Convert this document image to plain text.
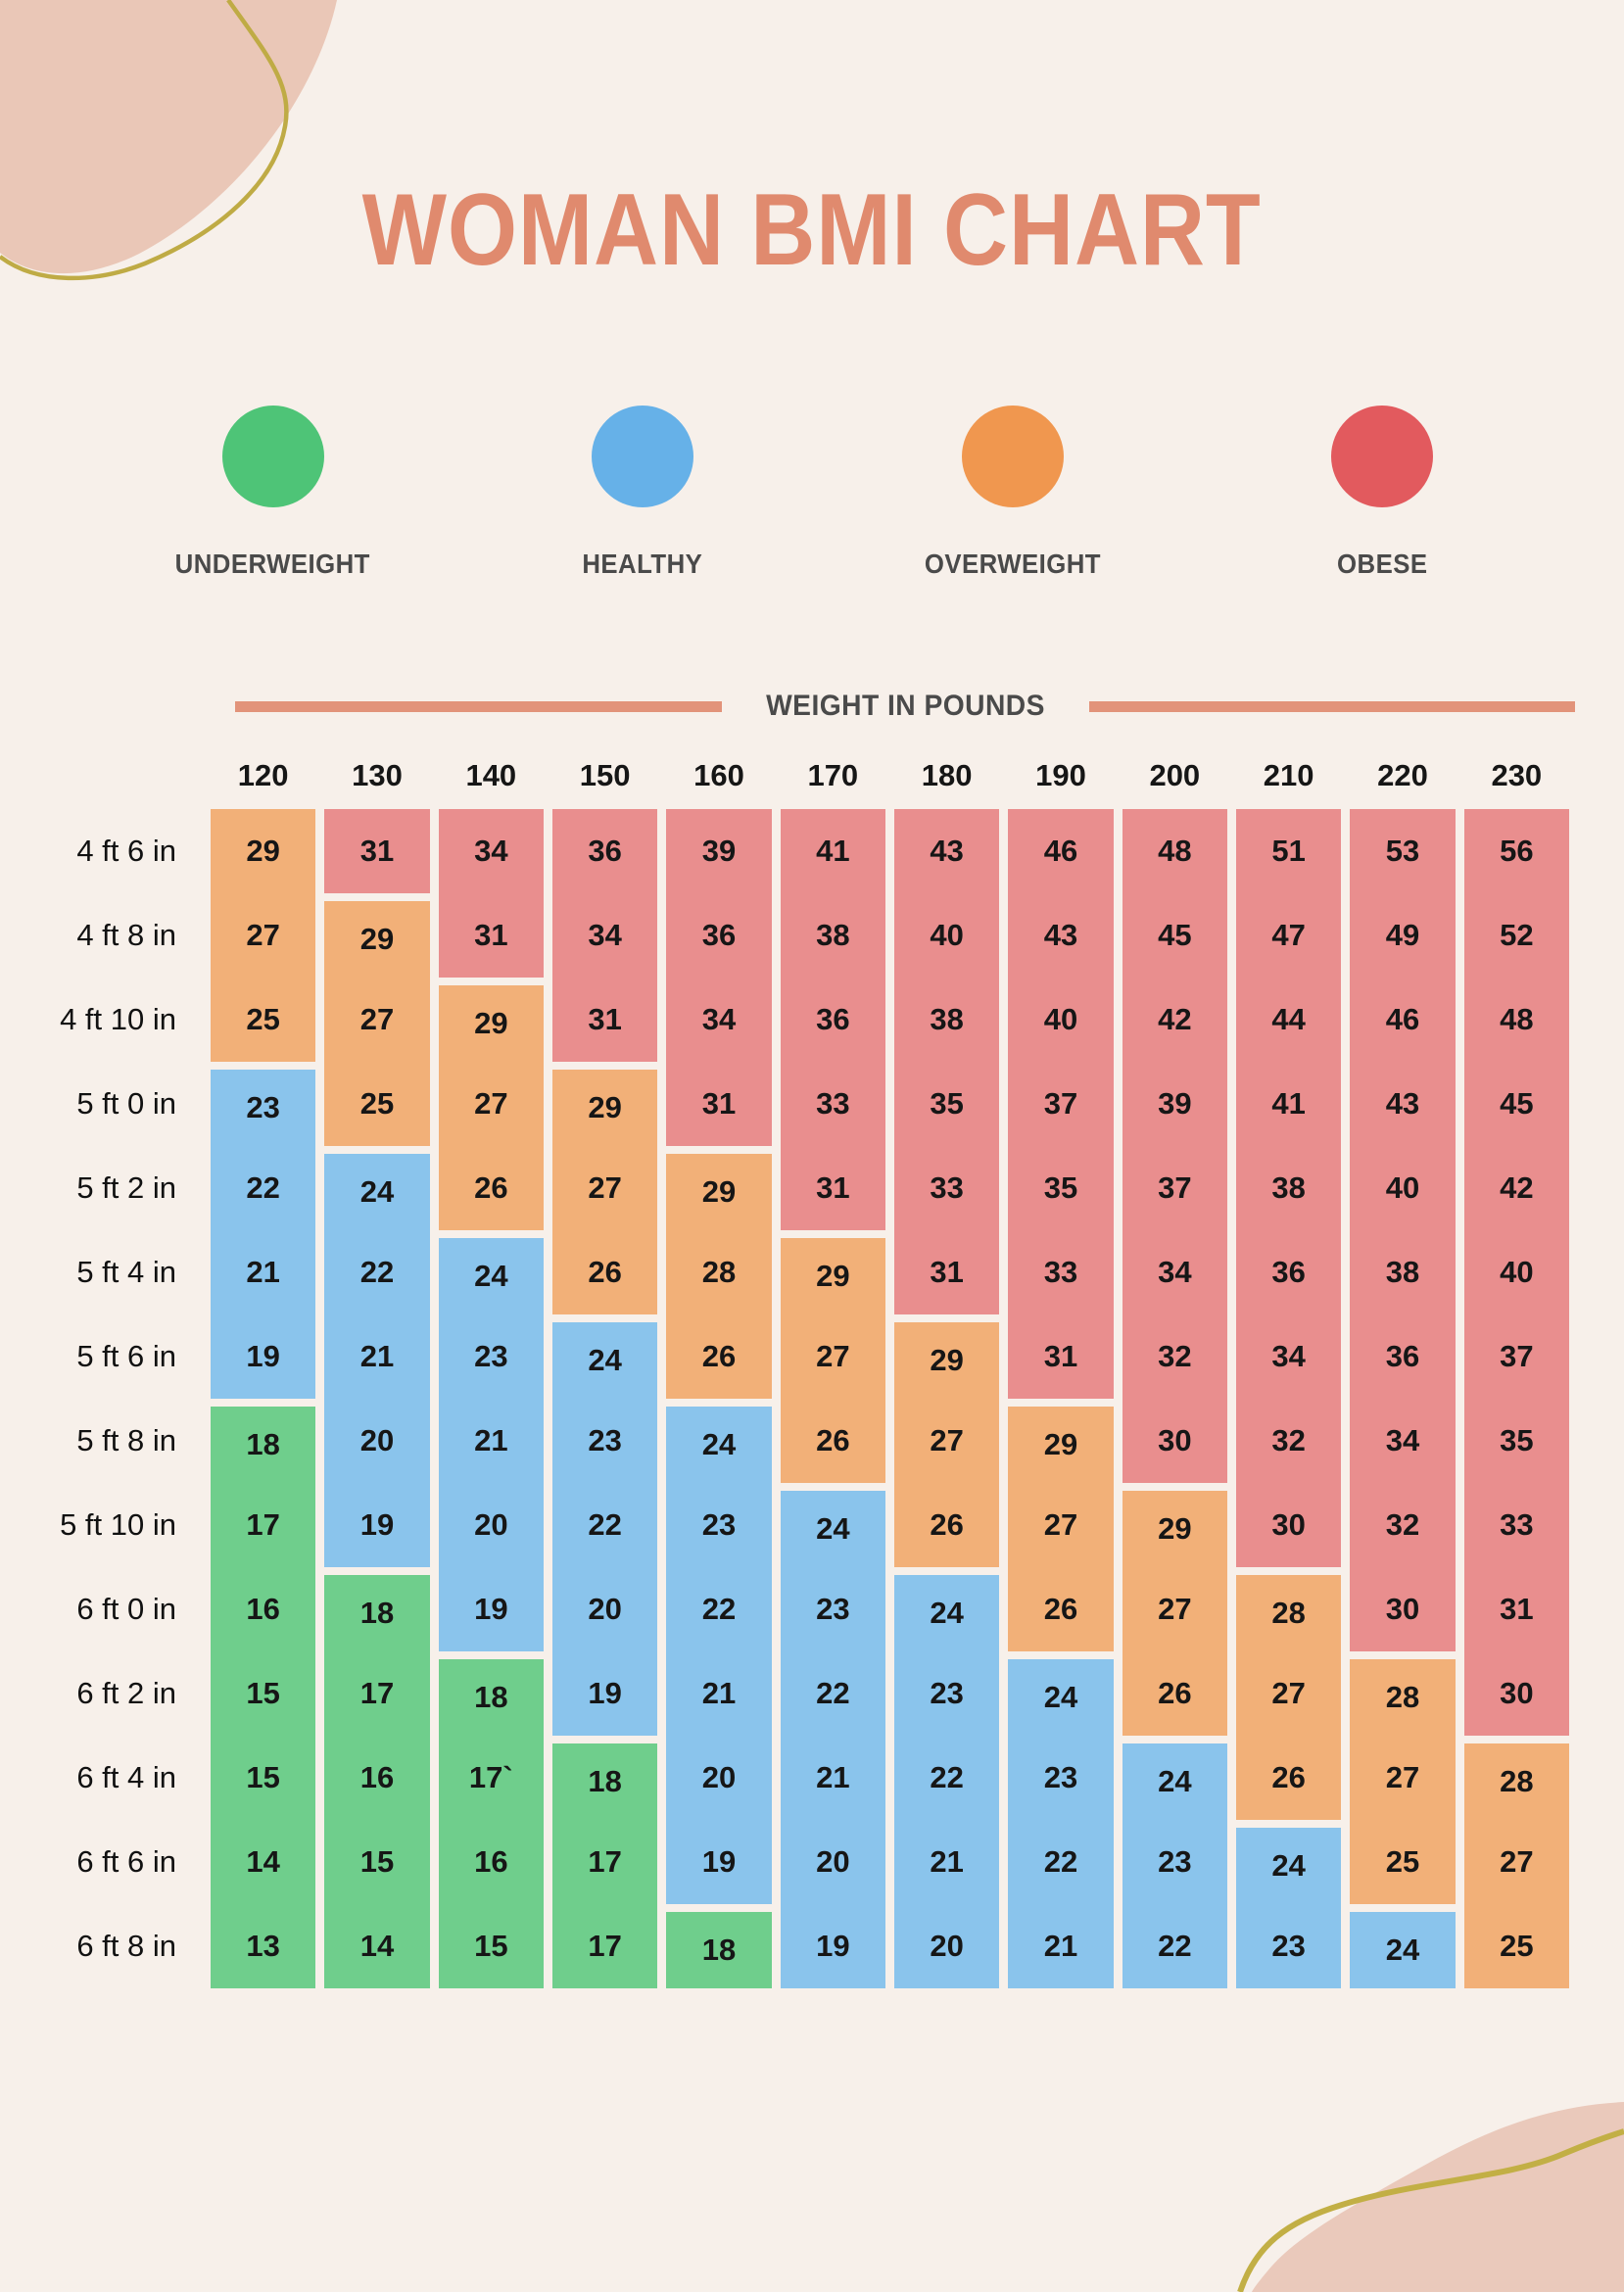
WOMAN BMI CHART
UNDERWEIGHT	HEALTHY	OVERWEIGHT	OBESE
WEIGHT IN POUNDS
120	130	140	150	160	170	180	190	200	210	220	230
4 ft 6 in	29	31	34	36	39	41	43	46	48	51	53	56
4 ft 8 in	27	29	31	34	36	38	40	43	45	47	49	52
4 ft 10 in	25	27	29	31	34	36	38	40	42	44	46	48
5 ft 0 in	23	25	27	29	31	33	35	37	39	41	43	45
5 ft 2 in	22	24	26	27	29	31	33	35	37	38	40	42
5 ft 4 in	21	22	24	26	28	29	31	33	34	36	38	40
5 ft 6 in	19	21	23	24	26	27	29	31	32	34	36	37
5 ft 8 in	18	20	21	23	24	26	27	29	30	32	34	35
5 ft 10 in	17	19	20	22	23	24	26	27	29	30	32	33
6 ft 0 in	16	18	19	20	22	23	24	26	27	28	30	31
6 ft 2 in	15	17	18	19	21	22	23	24	26	27	28	30
6 ft 4 in	15	16	17`	18	20	21	22	23	24	26	27	28
6 ft 6 in	14	15	16	17	19	20	21	22	23	24	25	27
6 ft 8 in	13	14	15	17	18	19	20	21	22	23	24	25
